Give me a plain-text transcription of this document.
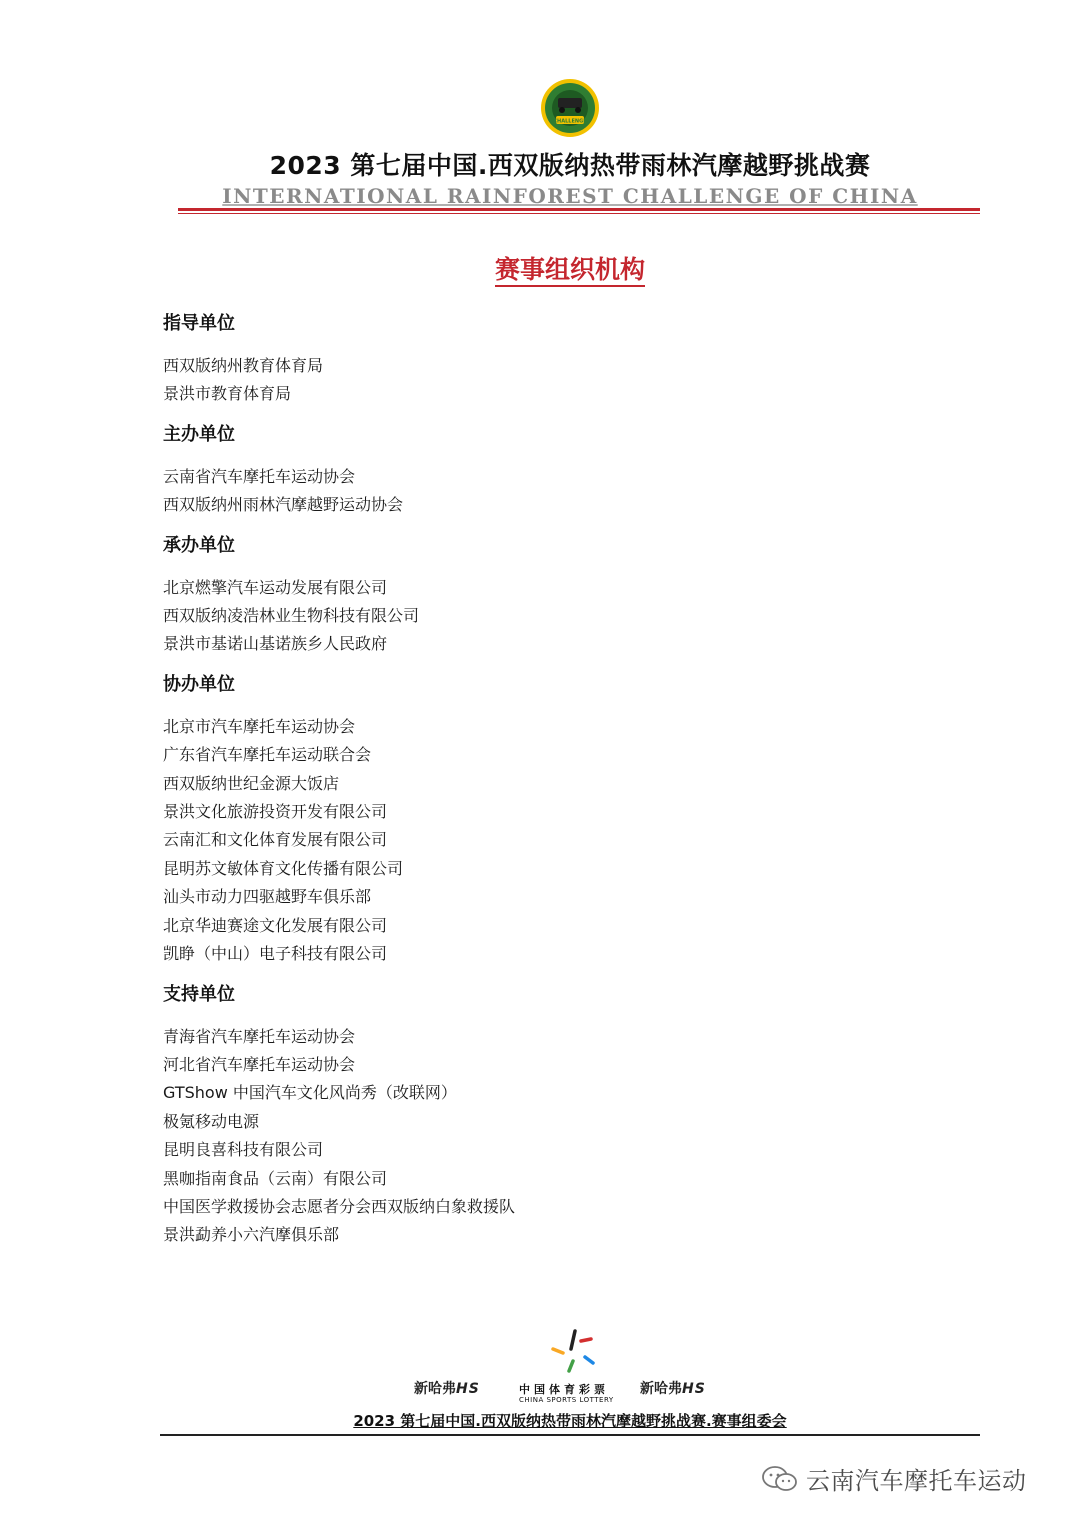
CHALLENGE
2023 第七届中国.西双版纳热带雨林汽摩越野挑战赛
INTERNATIONAL RAINFOREST CHALLENGE OF CHINA
赛事组织机构
指导单位
西双版纳州教育体育局
景洪市教育体育局
主办单位
云南省汽车摩托车运动协会
西双版纳州雨林汽摩越野运动协会
承办单位
北京燃擎汽车运动发展有限公司
西双版纳凌浩林业生物科技有限公司
景洪市基诺山基诺族乡人民政府
协办单位
北京市汽车摩托车运动协会
广东省汽车摩托车运动联合会
西双版纳世纪金源大饭店
景洪文化旅游投资开发有限公司
云南汇和文化体育发展有限公司
昆明苏文敏体育文化传播有限公司
汕头市动力四驱越野车俱乐部
北京华迪赛途文化发展有限公司
凯睁（中山）电子科技有限公司
支持单位
青海省汽车摩托车运动协会
河北省汽车摩托车运动协会
GTShow 中国汽车文化风尚秀（改联网）
极氪移动电源
昆明良喜科技有限公司
黑咖指南食品（云南）有限公司
中国医学救援协会志愿者分会西双版纳白象救援队
景洪勐养小六汽摩俱乐部
新哈弗HS	中国体育彩票
CHINA SPORTS LOTTERY
新哈弗HS
2023 第七届中国.西双版纳热带雨林汽摩越野挑战赛.赛事组委会
云南汽车摩托车运动
